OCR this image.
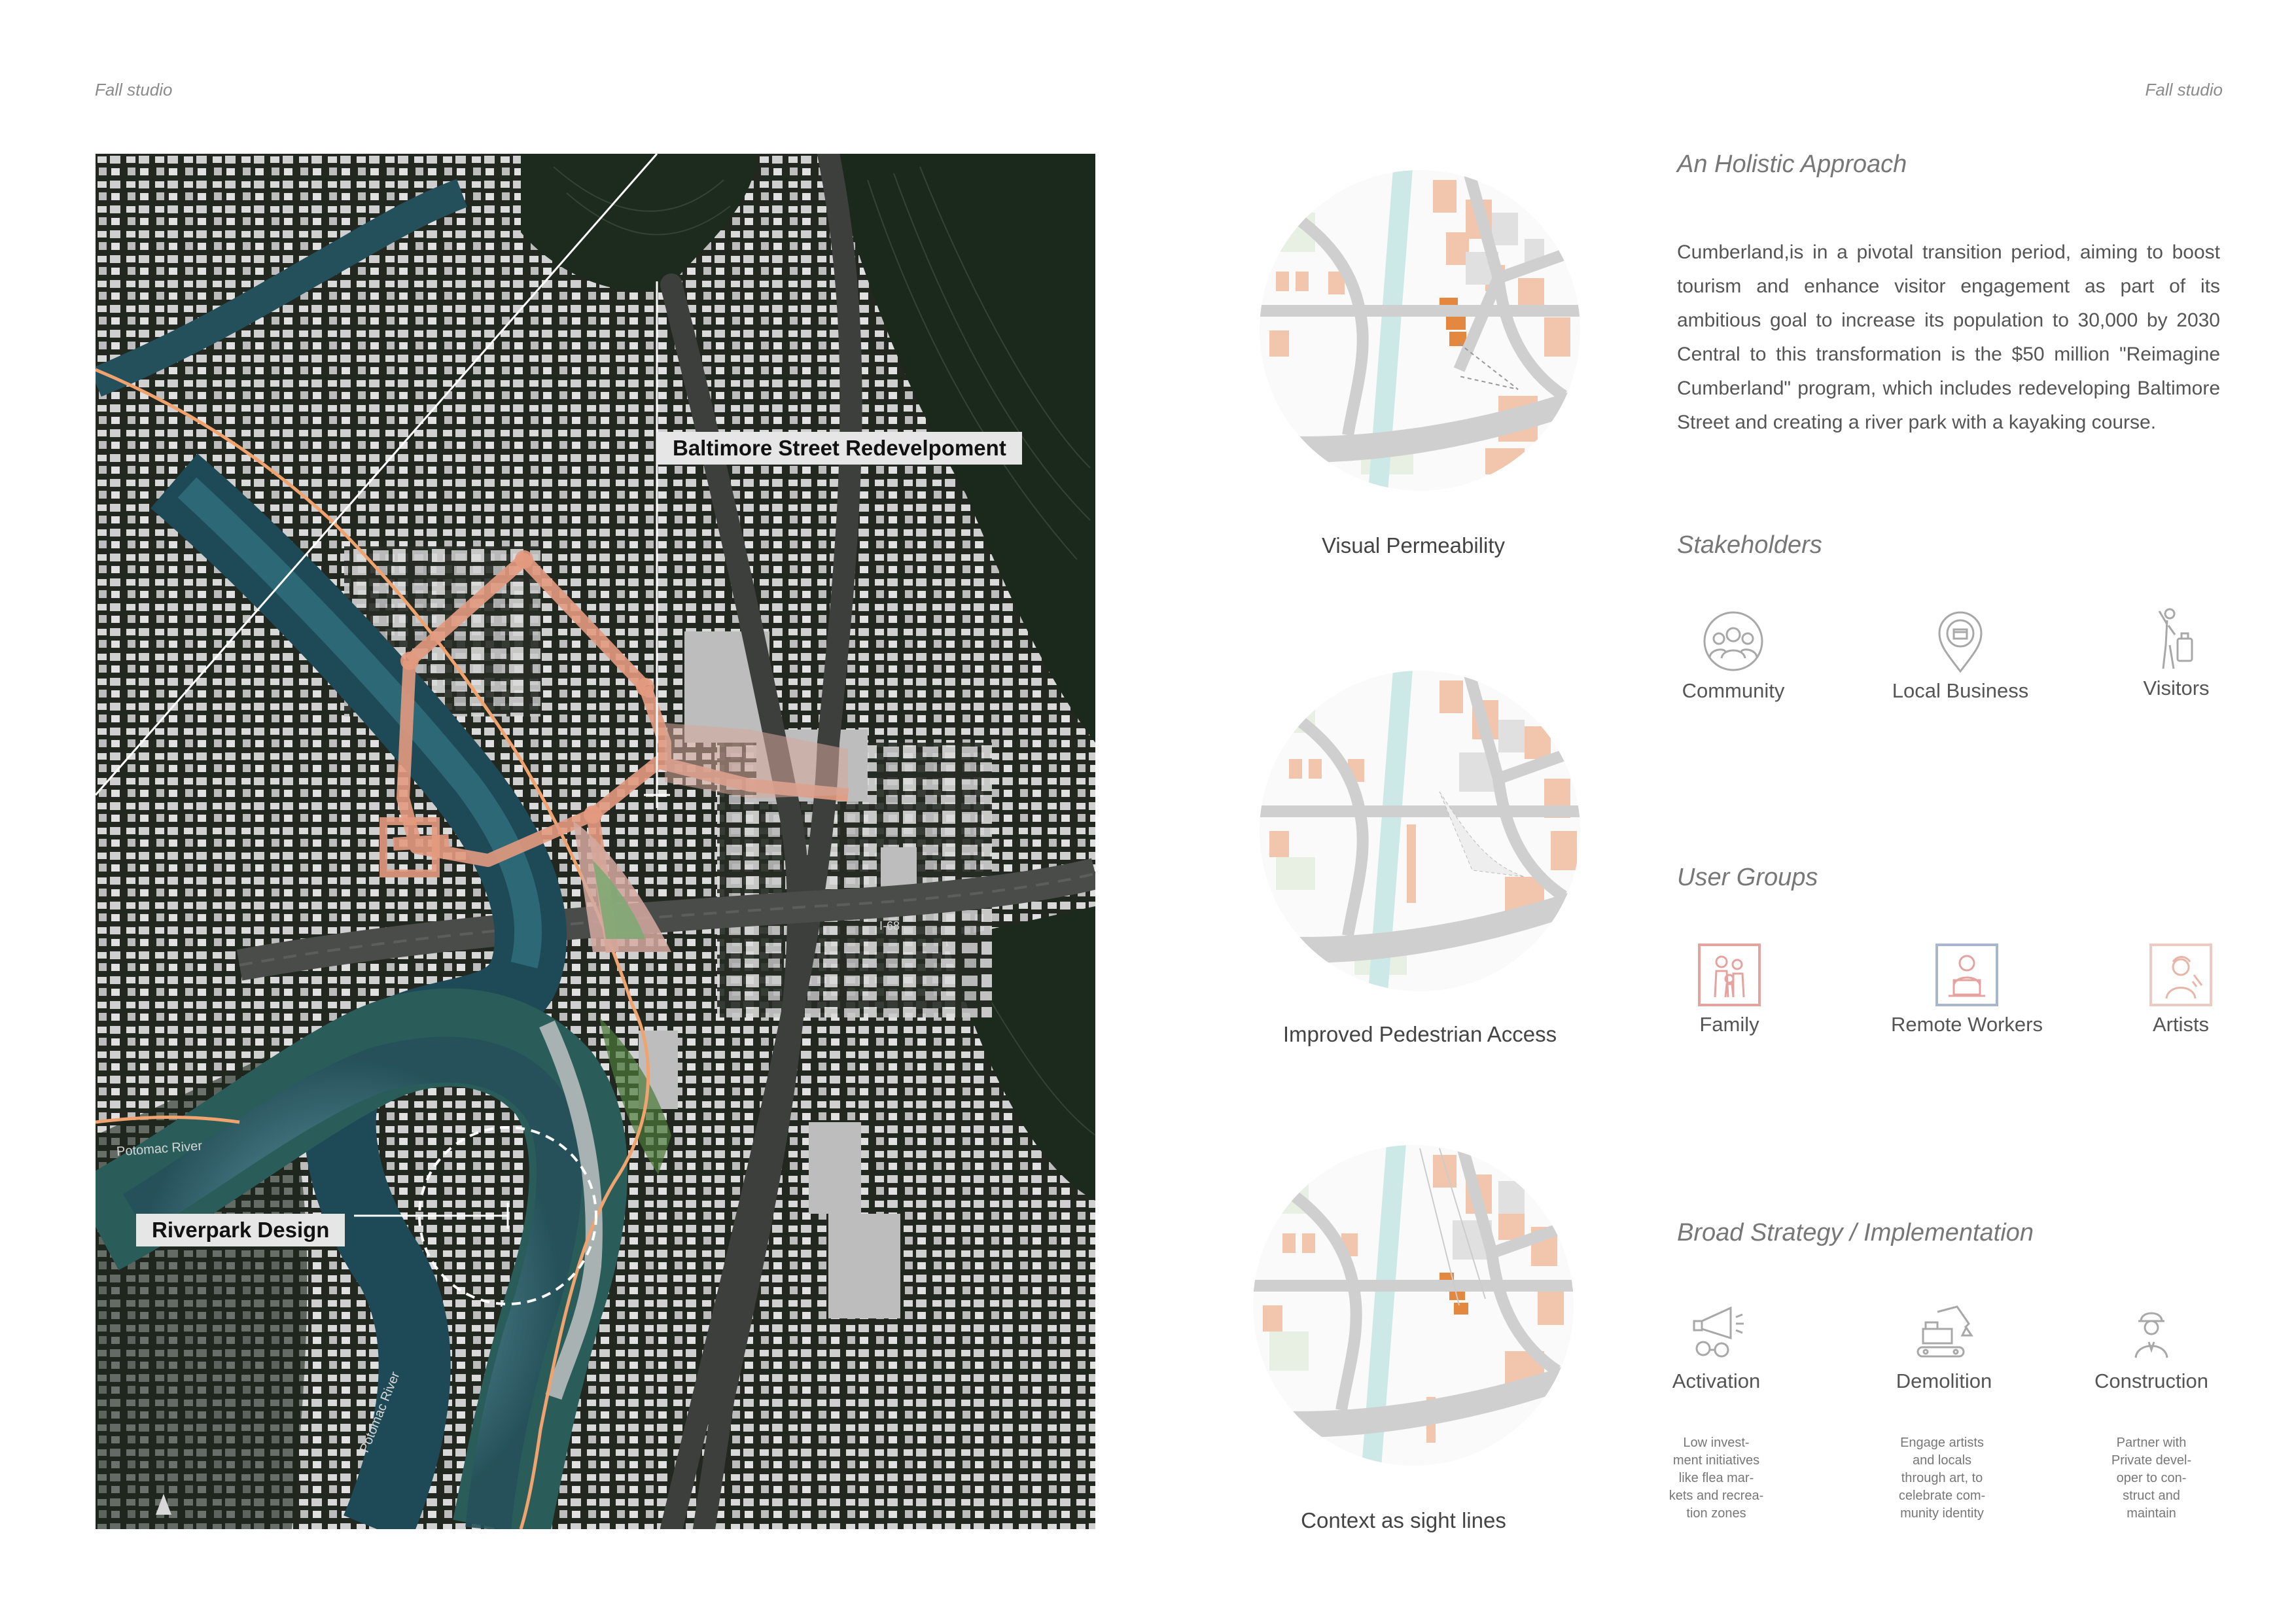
Fall studio	Fall studio
Baltimore Street Redevelpoment
Riverpark Design
Potomac River
Potomac River
I-68
Visual Permeability
Improved Pedestrian Access
Context as sight lines
An Holistic Approach
Cumberland,is in a pivotal transition period, aiming to boost tourism and enhance visitor engagement as part of its ambitious goal to increase its population to 30,000 by 2030 Central to this transformation is the $50 million "Reimagine Cumberland" program, which includes redeveloping Baltimore Street and creating a river park with a kayaking course.
Stakeholders
Community	Local Business	Visitors
User Groups
Family	Remote Workers	Artists
Broad Strategy / Implementation
Activation	Demolition	Construction
Low invest-
ment initiatives
like flea mar-
kets and recrea-
tion zones
Engage artists
and locals
through art, to
celebrate com-
munity identity
Partner with
Private devel-
oper to con-
struct and
maintain
